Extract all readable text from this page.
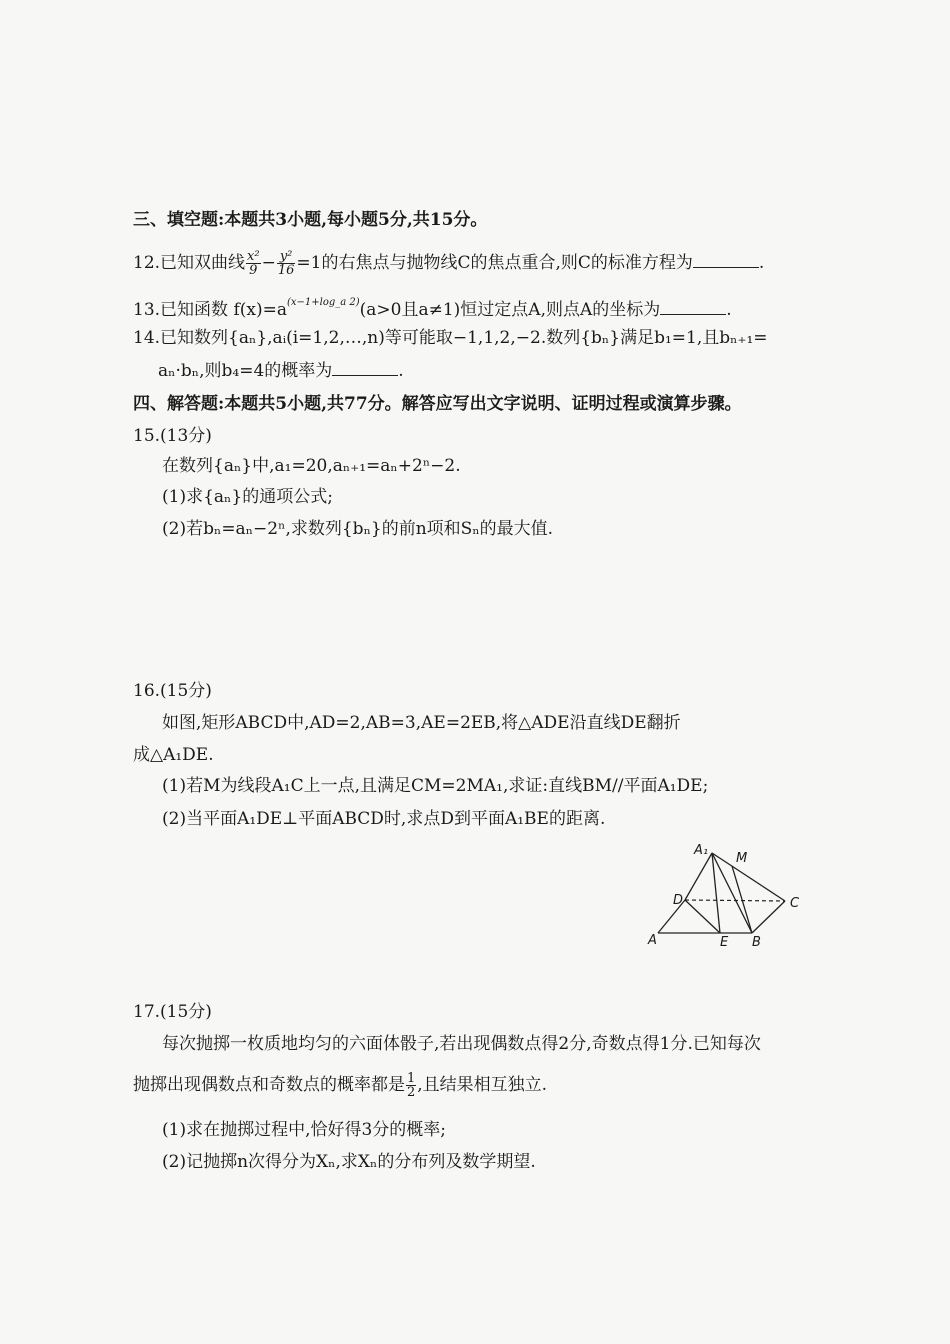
三、填空题:本题共3小题,每小题5分,共15分。
12.已知双曲线 $\frac{\text{x²}}{9} - \frac{\text{y²}}{16} =1$的右焦点与抛物线C的焦点重合,则C的标准方程为	.
13.已知函数 $f(x)=a^{(x-1+log\_a 2)}(a>0$且a≠1)恒过定点A,则点A的坐标为	.
14.已知数列{aₙ},aᵢ(i=1,2,…,n)等可能取−1,1,2,−2.数列{bₙ}满足b₁=1,且bₙ₊₁=
aₙ·bₙ,则b₄=4的概率为	.
四、解答题:本题共5小题,共77分。解答应写出文字说明、证明过程或演算步骤。
15.(13分)
在数列{aₙ}中,a₁=20,aₙ₊₁=aₙ+2ⁿ−2.
(1)求{aₙ}的通项公式;
(2)若bₙ=aₙ−2ⁿ,求数列{bₙ}的前n项和Sₙ的最大值.
16.(15分)
如图,矩形ABCD中,AD=2,AB=3,AE=2EB,将△ADE沿直线DE翻折
成△A₁DE.
(1)若M为线段A₁C上一点,且满足CM=2MA₁,求证:直线BM//平面A₁DE;
(2)当平面A₁DE⊥平面ABCD时,求点D到平面A₁BE的距离.
A₁
M
D	C
A	E B
17.(15分)
每次抛掷一枚质地均匀的六面体骰子,若出现偶数点得2分,奇数点得1分.已知每次
抛掷出现偶数点和奇数点的概率都是 $\frac{1}{2}$ ,且结果相互独立.
(1)求在抛掷过程中,恰好得3分的概率;
(2)记抛掷n次得分为Xₙ,求Xₙ的分布列及数学期望.
